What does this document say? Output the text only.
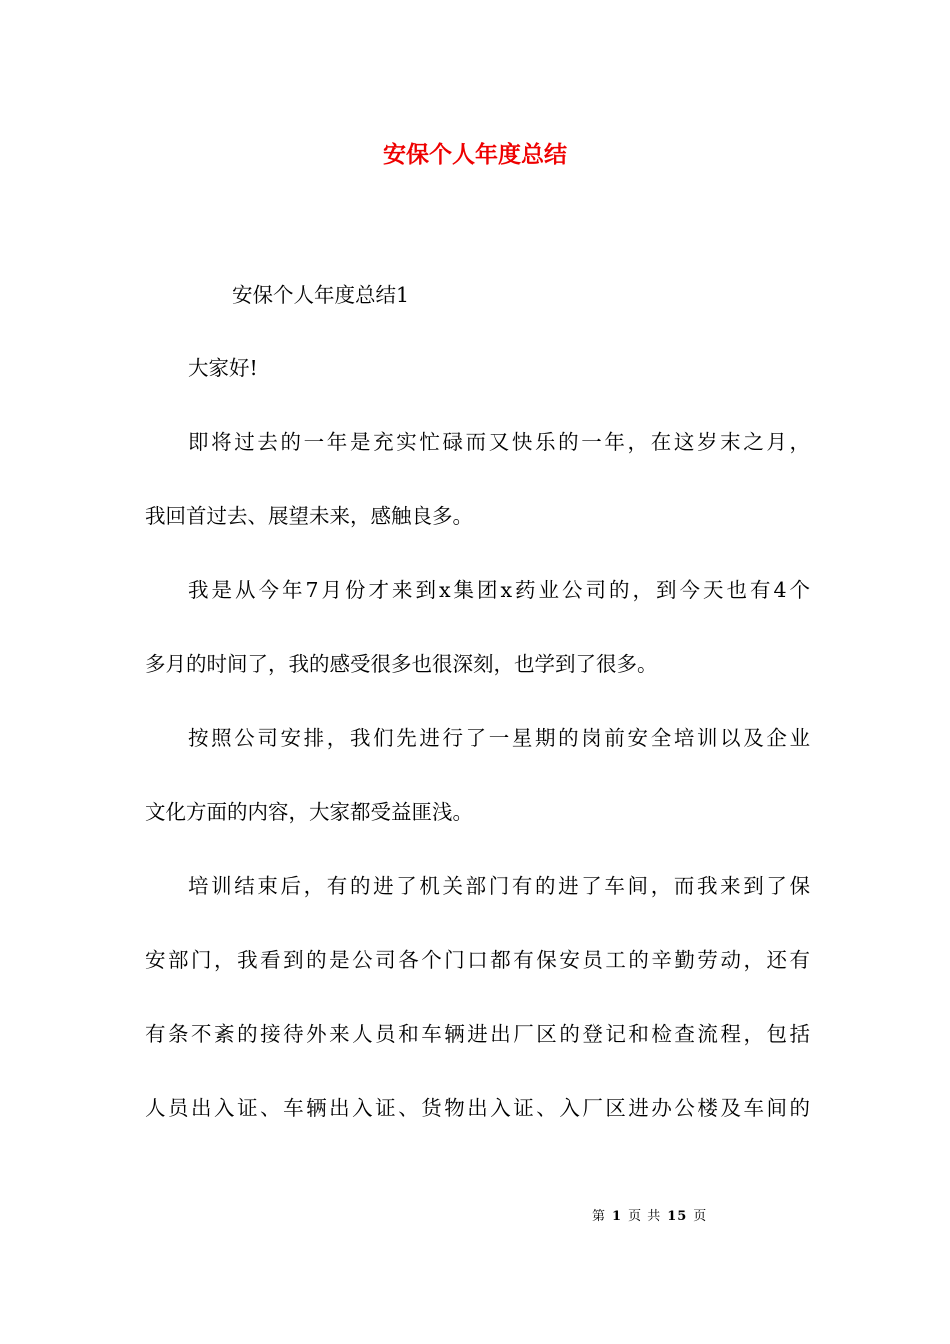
安保个人年度总结
安保个人年度总结1
大家好!
即将过去的一年是充实忙碌而又快乐的一年，在这岁末之月，
我回首过去、展望未来，感触良多。
我是从今年7月份才来到x集团x药业公司的，到今天也有4个
多月的时间了，我的感受很多也很深刻，也学到了很多。
按照公司安排，我们先进行了一星期的岗前安全培训以及企业
文化方面的内容，大家都受益匪浅。
培训结束后，有的进了机关部门有的进了车间，而我来到了保
安部门，我看到的是公司各个门口都有保安员工的辛勤劳动，还有
有条不紊的接待外来人员和车辆进出厂区的登记和检查流程，包括
人员出入证、车辆出入证、货物出入证、入厂区进办公楼及车间的
第 1 页 共 15 页
